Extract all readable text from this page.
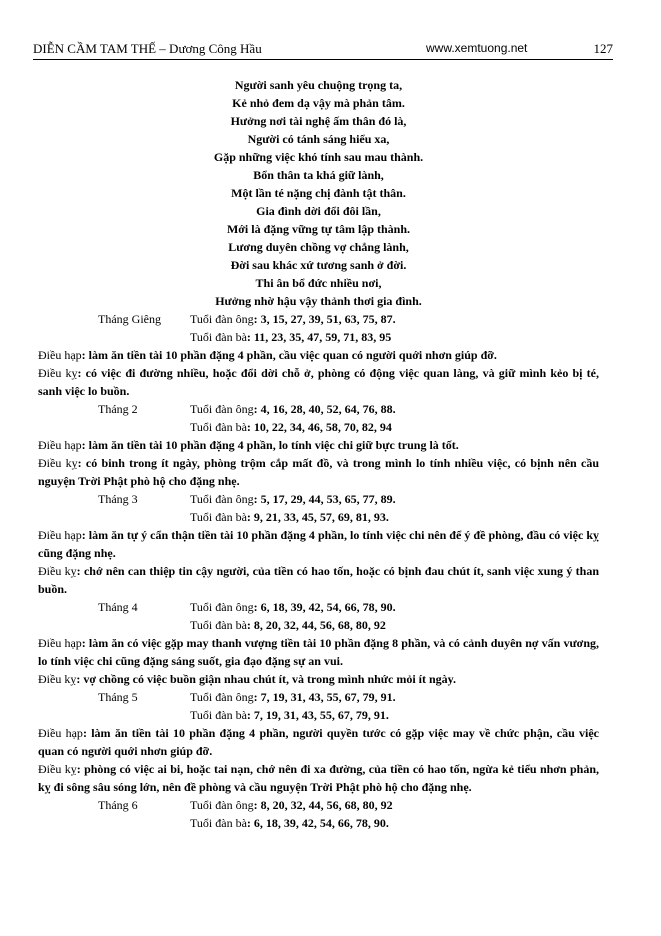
DIỄN CẦM TAM THẾ – Dương Công Hầu	www.xemtuong.net	127
Người sanh yêu chuộng trọng ta,
Kẻ nhỏ đem dạ vậy mà phản tâm.
Hưởng nơi tài nghệ ấm thân đó là,
Người có tánh sáng hiểu xa,
Gặp những việc khó tính sau mau thành.
Bổn thân ta khá giữ lành,
Một lần té nặng chị đành tật thân.
Gia đình dời đổi đôi lần,
Mới là đặng vững tự tâm lập thành.
Lương duyên chồng vợ chẳng lành,
Đời sau khác xứ tương sanh ở đời.
Thi ân bổ đức nhiều nơi,
Hưởng nhờ hậu vậy thảnh thơi gia đình.
Tháng Giêng Tuổi đàn ông: 3, 15, 27, 39, 51, 63, 75, 87.
Tuổi đàn bà: 11, 23, 35, 47, 59, 71, 83, 95

Điều hạp: làm ăn tiền tài 10 phần đặng 4 phần, cầu việc quan có người quới nhơn giúp đỡ.

Điều kỵ: có việc đi đường nhiều, hoặc đổi dời chỗ ở, phòng có động việc quan làng, và giữ mình kẻo bị té, sanh việc lo buồn.

Tháng 2	Tuổi đàn ông: 4, 16, 28, 40, 52, 64, 76, 88.
Tuổi đàn bà: 10, 22, 34, 46, 58, 70, 82, 94

Điều hạp: làm ăn tiền tài 10 phần đặng 4 phần, lo tính việc chi giữ bực trung là tốt.

Điều kỵ: có binh trong ít ngày, phòng trộm cắp mất đồ, và trong mình lo tính nhiều việc, có bịnh nên cầu nguyện Trời Phật phò hộ cho đặng nhẹ.

Tháng 3	Tuổi đàn ông: 5, 17, 29, 44, 53, 65, 77, 89.
Tuổi đàn bà: 9, 21, 33, 45, 57, 69, 81, 93.

Điều hạp: làm ăn tự ý cẩn thận tiền tài 10 phần đặng 4 phần, lo tính việc chi nên để ý đề phòng, đầu có việc kỵ cũng đặng nhẹ.

Điều kỵ: chớ nên can thiệp tin cậy người, của tiền có hao tốn, hoặc có bịnh đau chút ít, sanh việc xung ý than buồn.

Tháng 4	Tuổi đàn ông: 6, 18, 39, 42, 54, 66, 78, 90.
Tuổi đàn bà: 8, 20, 32, 44, 56, 68, 80, 92

Điều hạp: làm ăn có việc gặp may thanh vượng tiền tài 10 phần đặng 8 phần, và có cảnh duyên nợ vấn vương, lo tính việc chi cũng đặng sáng suốt, gia đạo đặng sự an vui.

Điều kỵ: vợ chồng có việc buồn giận nhau chút ít, và trong mình nhức mỏi ít ngày.

Tháng 5	Tuổi đàn ông: 7, 19, 31, 43, 55, 67, 79, 91.
Tuổi đàn bà: 7, 19, 31, 43, 55, 67, 79, 91.

Điều hạp: làm ăn tiền tài 10 phần đặng 4 phần, người quyền tước có gặp việc may về chức phận, cầu việc quan có người quới nhơn giúp đỡ.

Điều kỵ: phòng có việc ai bi, hoặc tai nạn, chớ nên đi xa đường, của tiền có hao tốn, ngừa kẻ tiểu nhơn phản, kỵ đi sông sâu sóng lớn, nên đề phòng và cầu nguyện Trời Phật phò hộ cho đặng nhẹ.

Tháng 6	Tuổi đàn ông: 8, 20, 32, 44, 56, 68, 80, 92
Tuổi đàn bà: 6, 18, 39, 42, 54, 66, 78, 90.
